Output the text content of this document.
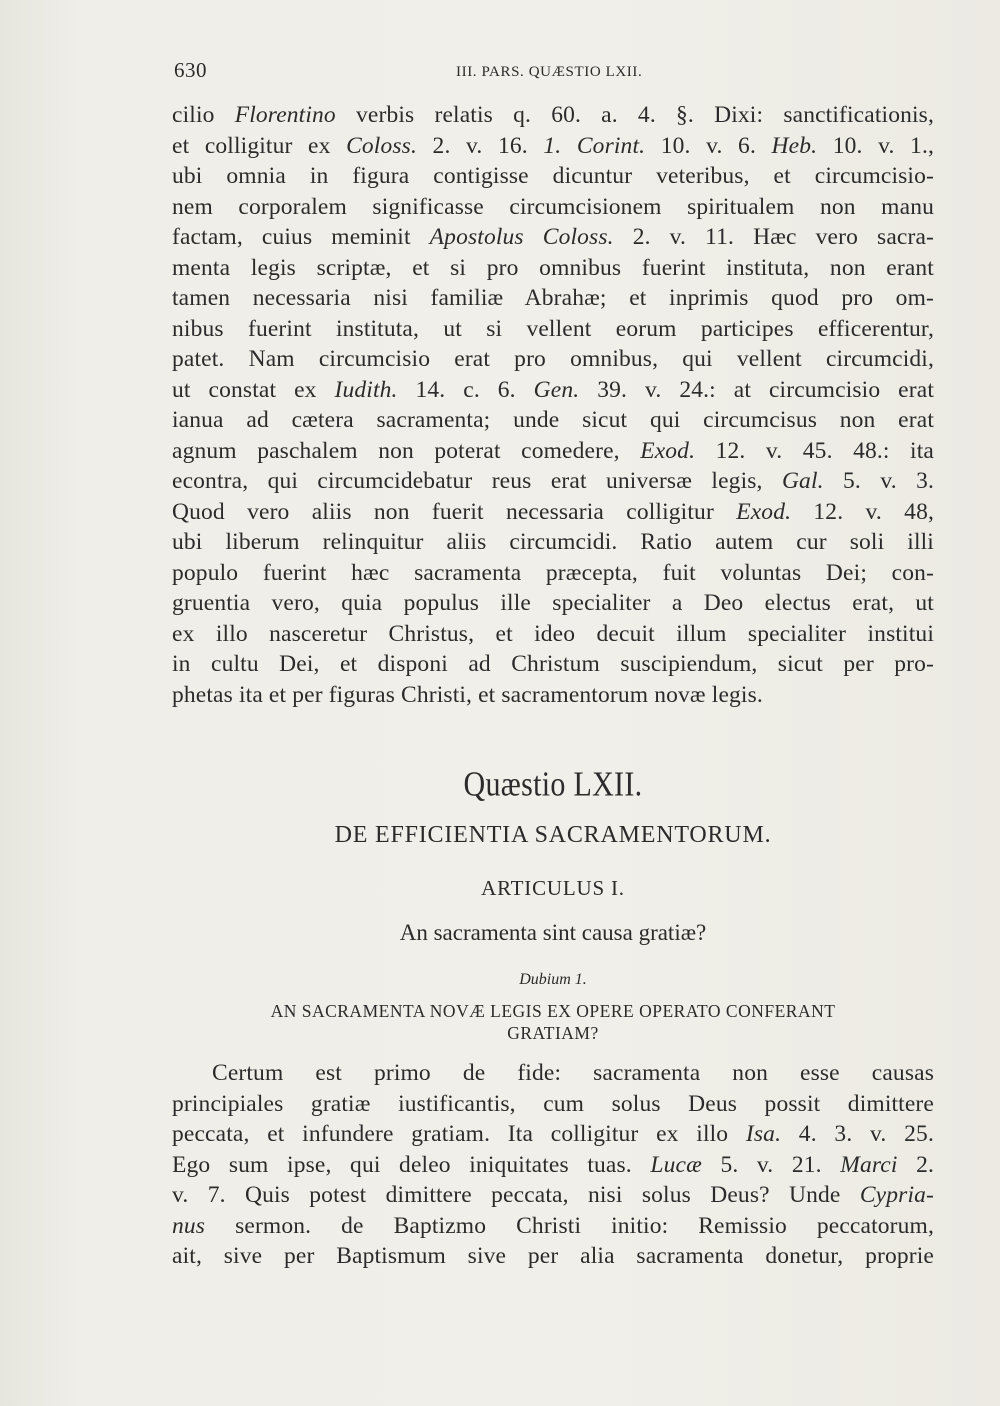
630	III. PARS. QUÆSTIO LXII.
cilio Florentino verbis relatis q. 60. a. 4. §. Dixi: sanctificationis,
et colligitur ex Coloss. 2. v. 16. 1. Corint. 10. v. 6. Heb. 10. v. 1.,
ubi omnia in figura contigisse dicuntur veteribus, et circumcisio-
nem corporalem significasse circumcisionem spiritualem non manu
factam, cuius meminit Apostolus Coloss. 2. v. 11. Hæc vero sacra-
menta legis scriptæ, et si pro omnibus fuerint instituta, non erant
tamen necessaria nisi familiæ Abrahæ; et inprimis quod pro om-
nibus fuerint instituta, ut si vellent eorum participes efficerentur,
patet. Nam circumcisio erat pro omnibus, qui vellent circumcidi,
ut constat ex Iudith. 14. c. 6. Gen. 39. v. 24.: at circumcisio erat
ianua ad cætera sacramenta; unde sicut qui circumcisus non erat
agnum paschalem non poterat comedere, Exod. 12. v. 45. 48.: ita
econtra, qui circumcidebatur reus erat universæ legis, Gal. 5. v. 3.
Quod vero aliis non fuerit necessaria colligitur Exod. 12. v. 48,
ubi liberum relinquitur aliis circumcidi. Ratio autem cur soli illi
populo fuerint hæc sacramenta præcepta, fuit voluntas Dei; con-
gruentia vero, quia populus ille specialiter a Deo electus erat, ut
ex illo nasceretur Christus, et ideo decuit illum specialiter institui
in cultu Dei, et disponi ad Christum suscipiendum, sicut per pro-
phetas ita et per figuras Christi, et sacramentorum novæ legis.
Quæstio LXII.
DE EFFICIENTIA SACRAMENTORUM.
ARTICULUS I.
An sacramenta sint causa gratiæ?
Dubium 1.
AN SACRAMENTA NOVÆ LEGIS EX OPERE OPERATO CONFERANT
GRATIAM?
Certum est primo de fide: sacramenta non esse causas
principiales gratiæ iustificantis, cum solus Deus possit dimittere
peccata, et infundere gratiam. Ita colligitur ex illo Isa. 4. 3. v. 25.
Ego sum ipse, qui deleo iniquitates tuas. Lucæ 5. v. 21. Marci 2.
v. 7. Quis potest dimittere peccata, nisi solus Deus? Unde Cypria-
nus sermon. de Baptizmo Christi initio: Remissio peccatorum,
ait, sive per Baptismum sive per alia sacramenta donetur, proprie
